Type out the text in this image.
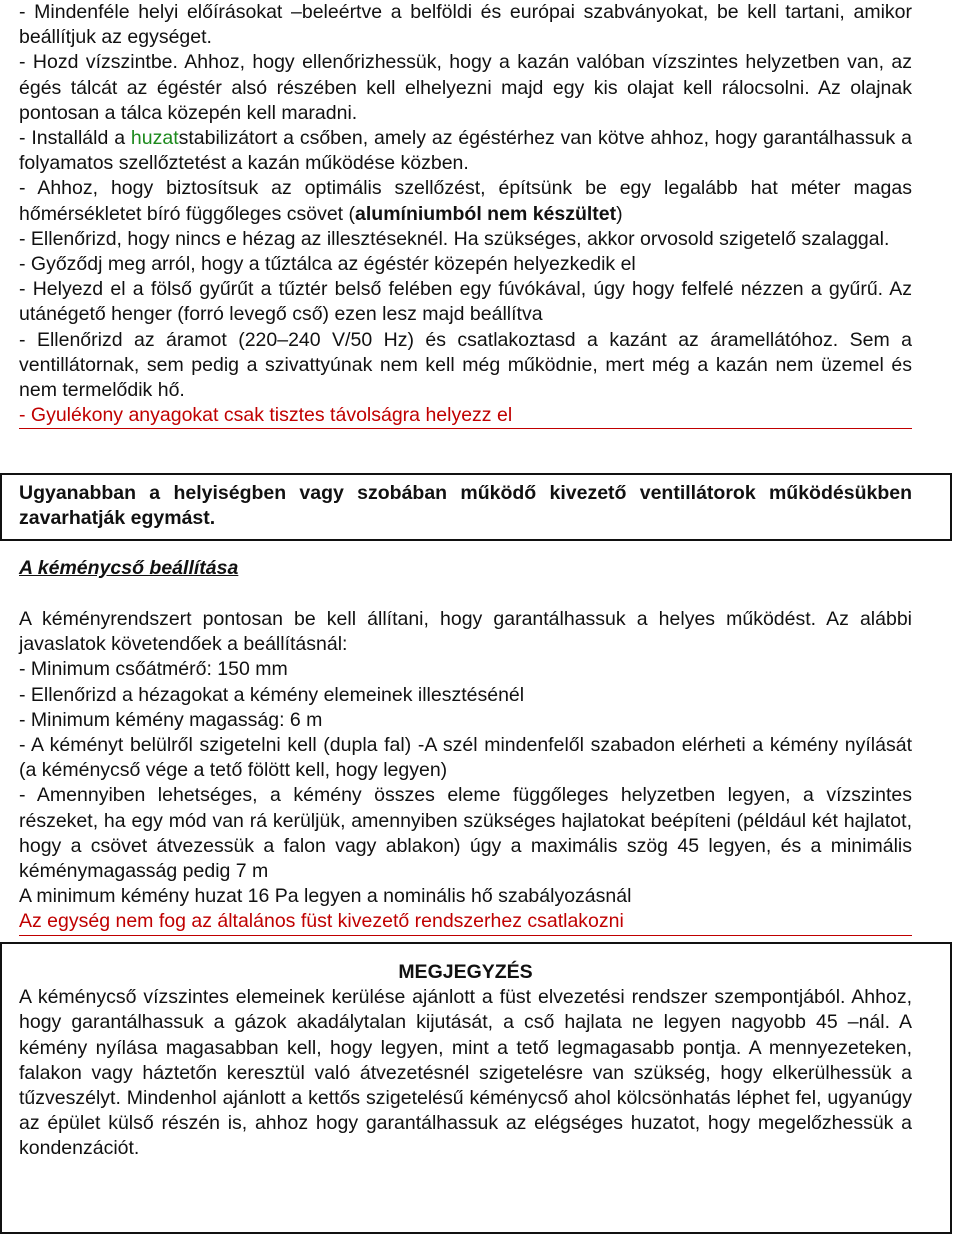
- Mindenféle helyi előírásokat –beleértve a belföldi és európai szabványokat, be kell tartani, amikor beállítjuk az egységet.

- Hozd vízszintbe. Ahhoz, hogy ellenőrizhessük, hogy a kazán valóban vízszintes helyzetben van, az égés tálcát az égéstér alsó részében kell elhelyezni majd egy kis olajat kell rálocsolni. Az olajnak pontosan a tálca közepén kell maradni.

- Installáld a huzatstabilizátort a csőben, amely az égéstérhez van kötve ahhoz, hogy garantálhassuk a folyamatos szellőztetést a kazán működése közben.

- Ahhoz, hogy biztosítsuk az optimális szellőzést, építsünk be egy legalább hat méter magas hőmérsékletet bíró függőleges csövet (alumíniumból nem készültet)

- Ellenőrizd, hogy nincs e hézag az illesztéseknél. Ha szükséges, akkor orvosold szigetelő szalaggal.

- Győződj meg arról, hogy a tűztálca az égéstér közepén helyezkedik el

- Helyezd el a fölső gyűrűt a tűztér belső felében egy fúvókával, úgy hogy felfelé nézzen a gyűrű. Az utánégető henger (forró levegő cső) ezen lesz majd beállítva

- Ellenőrizd az áramot (220–240 V/50 Hz) és csatlakoztasd a kazánt az áramellátóhoz. Sem a ventillátornak, sem pedig a szivattyúnak nem kell még működnie, mert még a kazán nem üzemel és nem termelődik hő.

- Gyulékony anyagokat csak tisztes távolságra helyezz el

Ugyanabban a helyiségben vagy szobában működő kivezető ventillátorok működésükben zavarhatják egymást.
A kéménycső beállítása

A kéményrendszert pontosan be kell állítani, hogy garantálhassuk a helyes működést. Az alábbi javaslatok követendőek a beállításnál:

- Minimum csőátmérő: 150 mm

- Ellenőrizd a hézagokat a kémény elemeinek illesztésénél

- Minimum kémény magasság: 6 m

- A kéményt belülről szigetelni kell (dupla fal) -A szél mindenfelől szabadon elérheti a kémény nyílását (a kéménycső vége a tető fölött kell, hogy legyen)

- Amennyiben lehetséges, a kémény összes eleme függőleges helyzetben legyen, a vízszintes részeket, ha egy mód van rá kerüljük, amennyiben szükséges hajlatokat beépíteni (például két hajlatot, hogy a csövet átvezessük a falon vagy ablakon) úgy a maximális szög 45 legyen, és a minimális kéménymagasság pedig 7 m

A minimum kémény huzat 16 Pa legyen a nominális hő szabályozásnál

Az egység nem fog az általános füst kivezető rendszerhez csatlakozni

MEGJEGYZÉS

A kéménycső vízszintes elemeinek kerülése ajánlott a füst elvezetési rendszer szempontjából. Ahhoz, hogy garantálhassuk a gázok akadálytalan kijutását, a cső hajlata ne legyen nagyobb 45 –nál. A kémény nyílása magasabban kell, hogy legyen, mint a tető legmagasabb pontja. A mennyezeteken, falakon vagy háztetőn keresztül való átvezetésnél szigetelésre van szükség, hogy elkerülhessük a tűzveszélyt. Mindenhol ajánlott a kettős szigetelésű kéménycső ahol kölcsönhatás léphet fel, ugyanúgy az épület külső részén is, ahhoz hogy garantálhassuk az elégséges huzatot, hogy megelőzhessük a kondenzációt.
